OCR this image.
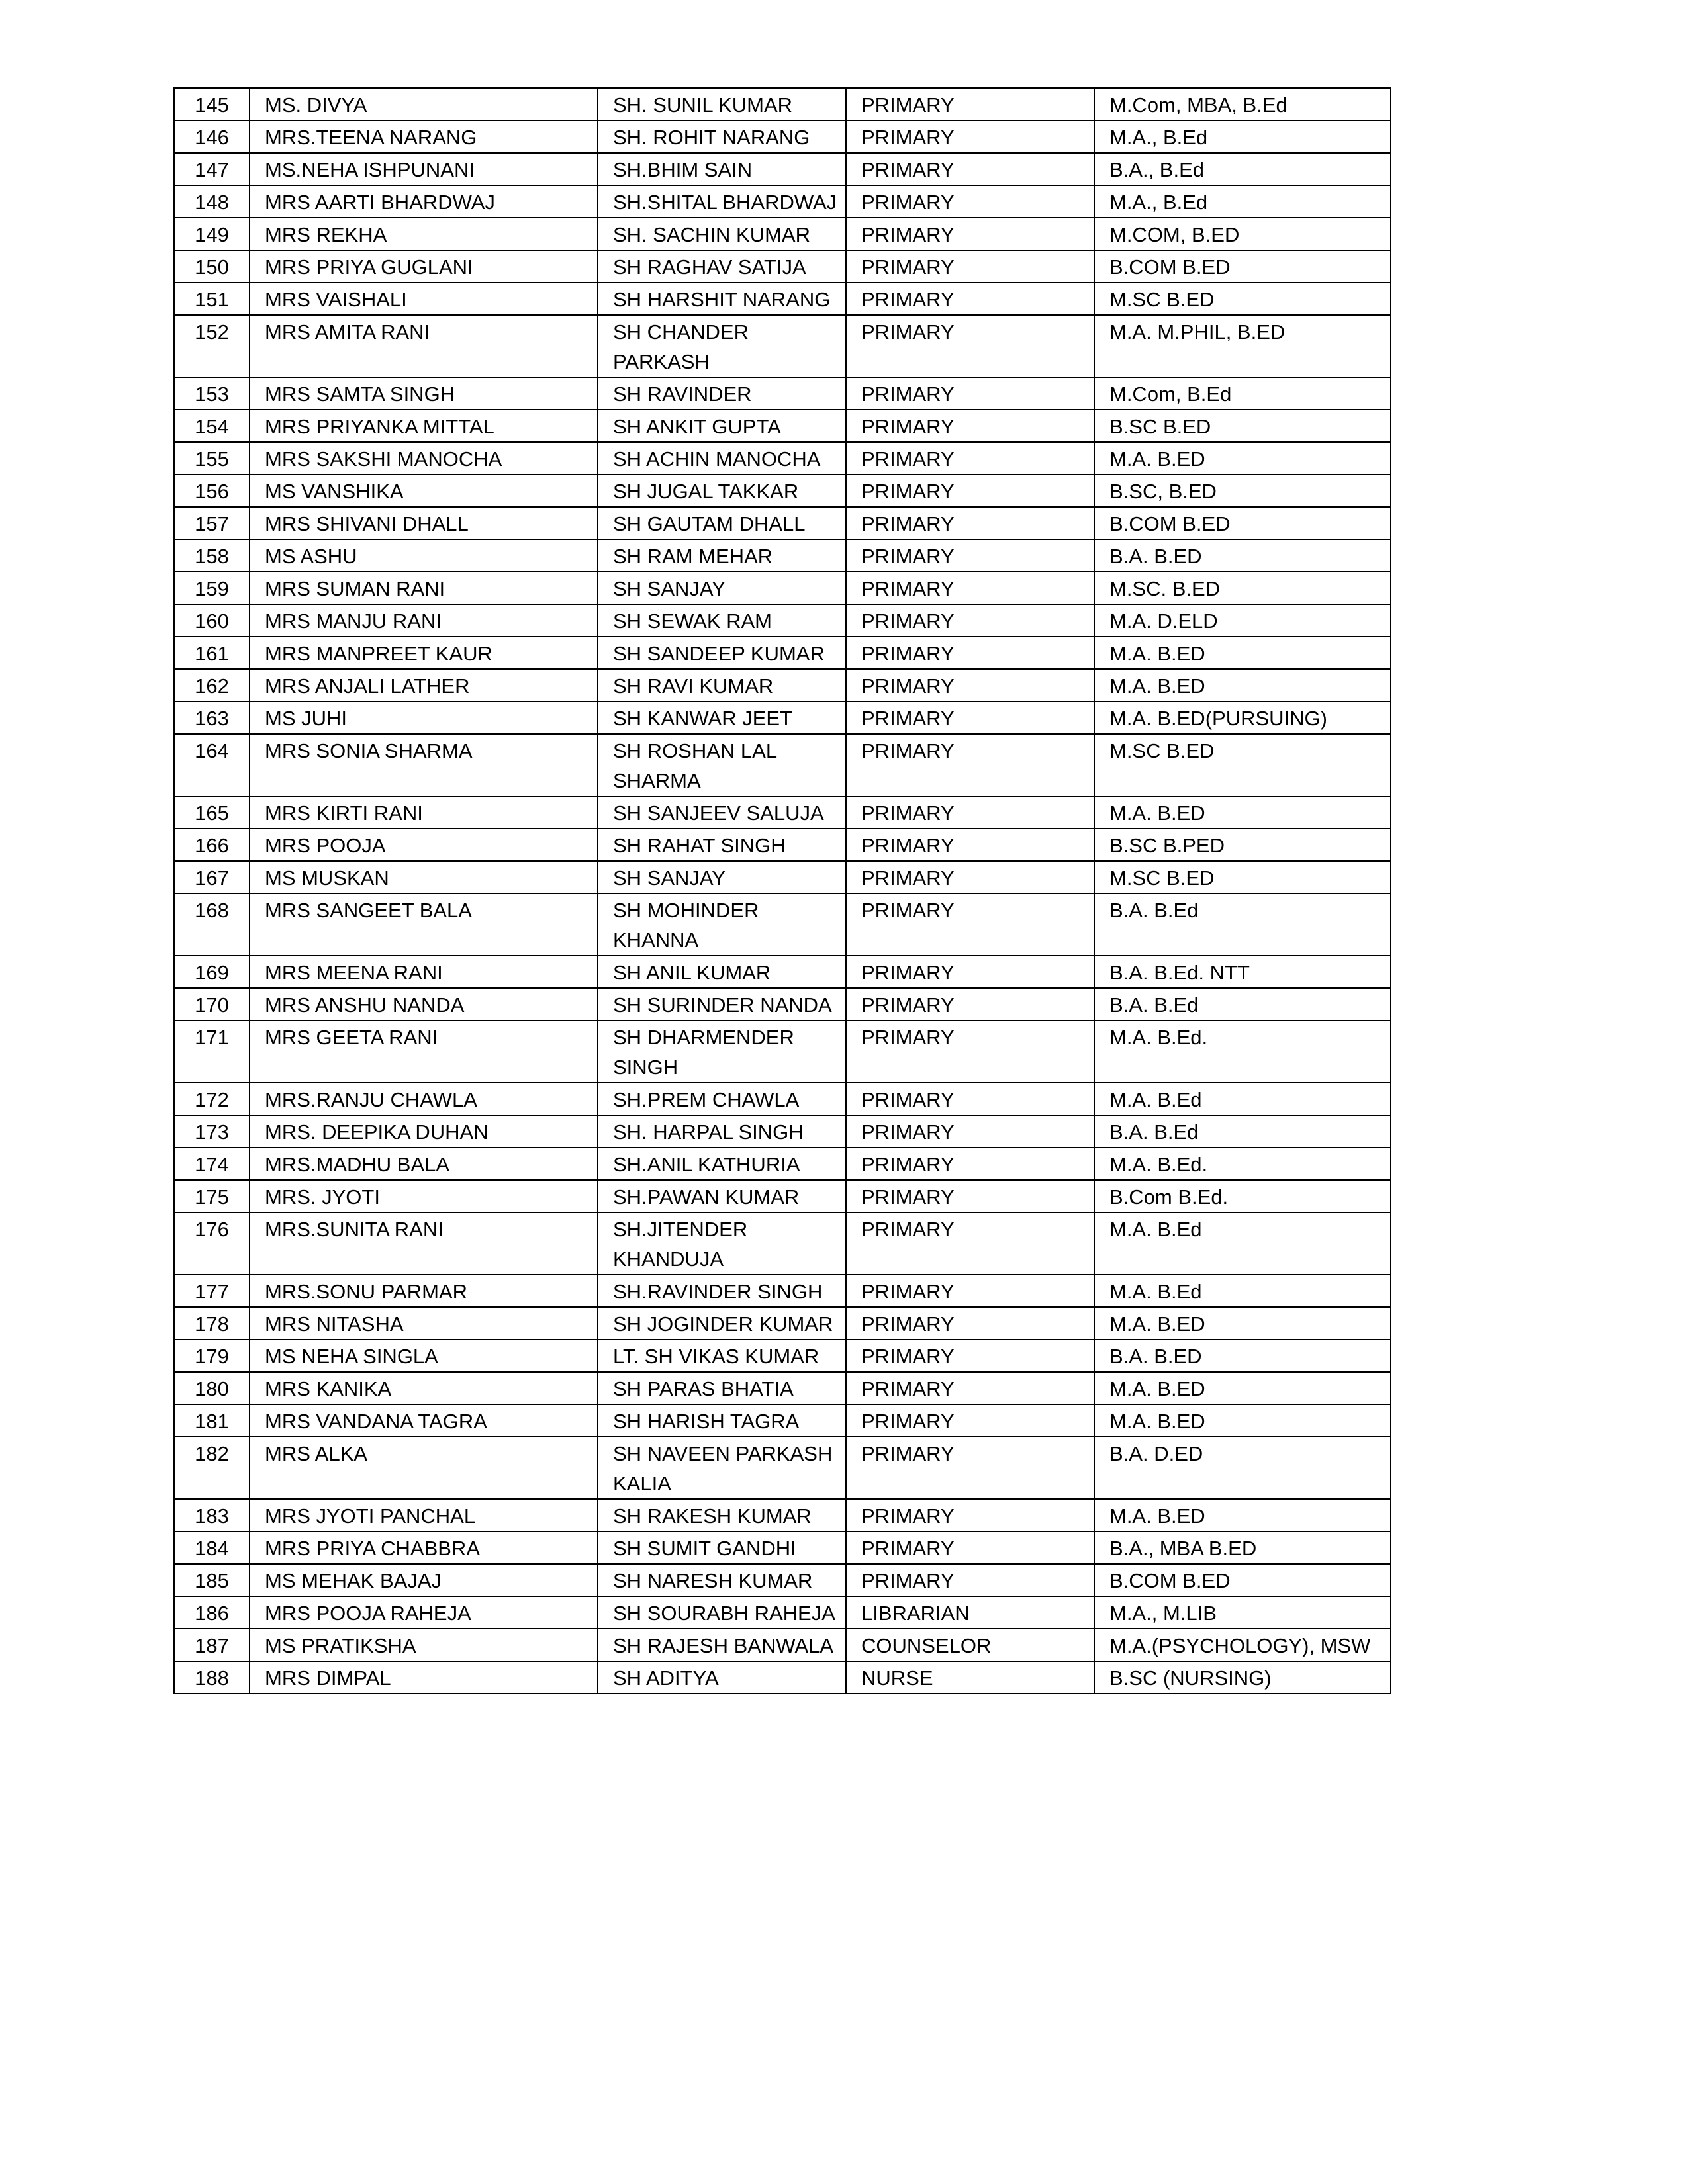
145	MS. DIVYA	SH. SUNIL KUMAR	PRIMARY	M.Com, MBA, B.Ed
146	MRS.TEENA NARANG	SH. ROHIT NARANG	PRIMARY	M.A., B.Ed
147	MS.NEHA ISHPUNANI	SH.BHIM SAIN	PRIMARY	B.A., B.Ed
148	MRS AARTI BHARDWAJ	SH.SHITAL BHARDWAJ	PRIMARY	M.A., B.Ed
149	MRS REKHA	SH. SACHIN KUMAR	PRIMARY	M.COM, B.ED
150	MRS PRIYA GUGLANI	SH RAGHAV SATIJA	PRIMARY	B.COM B.ED
151	MRS VAISHALI	SH HARSHIT NARANG	PRIMARY	M.SC B.ED
152	MRS AMITA RANI	SH CHANDER PARKASH	PRIMARY	M.A. M.PHIL, B.ED
153	MRS SAMTA SINGH	SH RAVINDER	PRIMARY	M.Com, B.Ed
154	MRS PRIYANKA MITTAL	SH ANKIT GUPTA	PRIMARY	B.SC B.ED
155	MRS SAKSHI MANOCHA	SH ACHIN MANOCHA	PRIMARY	M.A. B.ED
156	MS VANSHIKA	SH JUGAL TAKKAR	PRIMARY	B.SC, B.ED
157	MRS SHIVANI DHALL	SH GAUTAM DHALL	PRIMARY	B.COM B.ED
158	MS ASHU	SH RAM MEHAR	PRIMARY	B.A. B.ED
159	MRS SUMAN RANI	SH SANJAY	PRIMARY	M.SC. B.ED
160	MRS MANJU RANI	SH SEWAK RAM	PRIMARY	M.A. D.ELD
161	MRS MANPREET KAUR	SH SANDEEP KUMAR	PRIMARY	M.A. B.ED
162	MRS ANJALI LATHER	SH RAVI KUMAR	PRIMARY	M.A. B.ED
163	MS JUHI	SH KANWAR JEET	PRIMARY	M.A. B.ED(PURSUING)
164	MRS SONIA SHARMA	SH ROSHAN LAL SHARMA	PRIMARY	M.SC B.ED
165	MRS KIRTI RANI	SH SANJEEV SALUJA	PRIMARY	M.A. B.ED
166	MRS POOJA	SH RAHAT SINGH	PRIMARY	B.SC B.PED
167	MS MUSKAN	SH SANJAY	PRIMARY	M.SC B.ED
168	MRS SANGEET BALA	SH MOHINDER KHANNA	PRIMARY	B.A. B.Ed
169	MRS MEENA RANI	SH ANIL KUMAR	PRIMARY	B.A. B.Ed. NTT
170	MRS ANSHU NANDA	SH SURINDER NANDA	PRIMARY	B.A. B.Ed
171	MRS GEETA RANI	SH DHARMENDER SINGH	PRIMARY	M.A. B.Ed.
172	MRS.RANJU CHAWLA	SH.PREM CHAWLA	PRIMARY	M.A. B.Ed
173	MRS. DEEPIKA DUHAN	SH. HARPAL SINGH	PRIMARY	B.A. B.Ed
174	MRS.MADHU BALA	SH.ANIL KATHURIA	PRIMARY	M.A. B.Ed.
175	MRS. JYOTI	SH.PAWAN KUMAR	PRIMARY	B.Com B.Ed.
176	MRS.SUNITA RANI	SH.JITENDER KHANDUJA	PRIMARY	M.A. B.Ed
177	MRS.SONU PARMAR	SH.RAVINDER SINGH	PRIMARY	M.A. B.Ed
178	MRS NITASHA	SH JOGINDER KUMAR	PRIMARY	M.A. B.ED
179	MS NEHA SINGLA	LT. SH VIKAS KUMAR	PRIMARY	B.A. B.ED
180	MRS KANIKA	SH PARAS BHATIA	PRIMARY	M.A. B.ED
181	MRS VANDANA TAGRA	SH HARISH TAGRA	PRIMARY	M.A. B.ED
182	MRS ALKA	SH NAVEEN PARKASH KALIA	PRIMARY	B.A. D.ED
183	MRS JYOTI PANCHAL	SH RAKESH KUMAR	PRIMARY	M.A. B.ED
184	MRS PRIYA CHABBRA	SH SUMIT GANDHI	PRIMARY	B.A., MBA B.ED
185	MS MEHAK BAJAJ	SH NARESH KUMAR	PRIMARY	B.COM B.ED
186	MRS POOJA RAHEJA	SH SOURABH RAHEJA	LIBRARIAN	M.A., M.LIB
187	MS PRATIKSHA	SH RAJESH BANWALA	COUNSELOR	M.A.(PSYCHOLOGY), MSW
188	MRS DIMPAL	SH ADITYA	NURSE	B.SC (NURSING)
